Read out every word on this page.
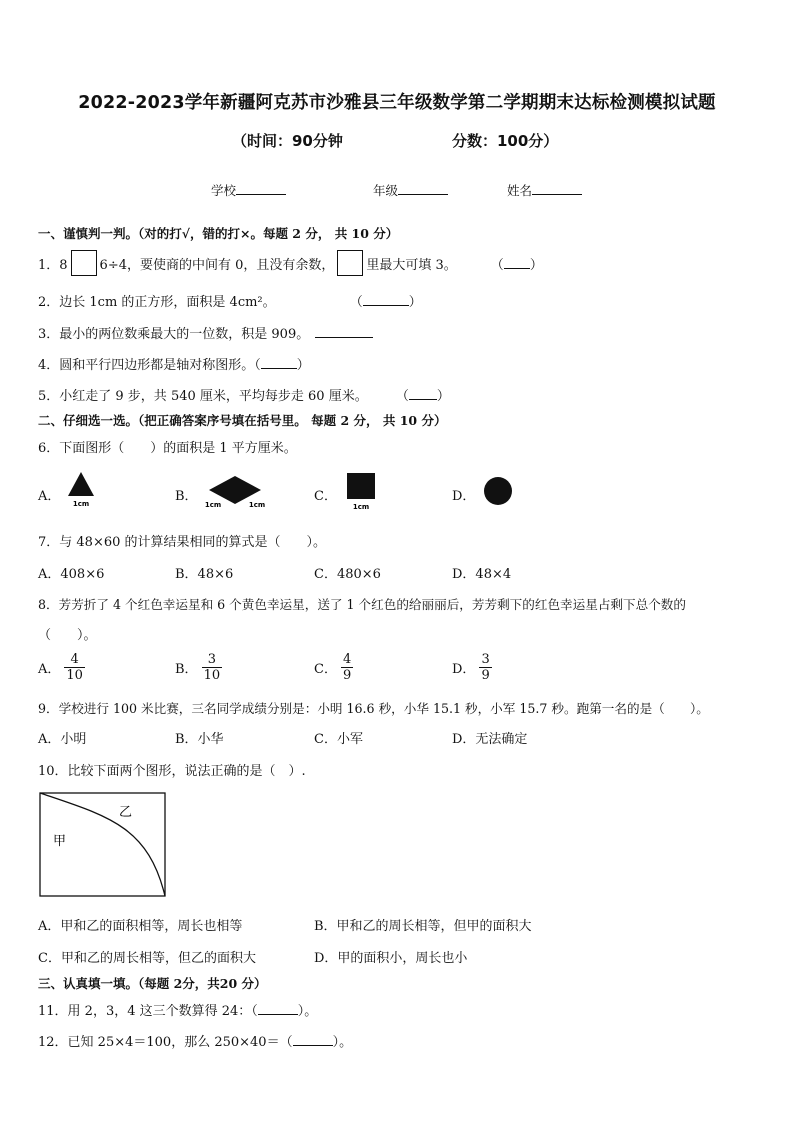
2022-2023学年新疆阿克苏市沙雅县三年级数学第二学期期末达标检测模拟试题
（时间：90分钟	分数：100分）
学校	年级	姓名
一、谨慎判一判。（对的打√，错的打×。每题 2 分， 共 10 分）
1．8 6÷4，要使商的中间有 0，且没有余数， 里最大可填 3。	（ ）
2．边长 1cm 的正方形，面积是 4cm²。	（	）
3．最小的两位数乘最大的一位数，积是 909。
4．圆和平行四边形都是轴对称图形。（	）
5．小红走了 9 步，共 540 厘米，平均每步走 60 厘米。 （ ）
二、仔细选一选。（把正确答案序号填在括号里。 每题 2 分， 共 10 分）
6．下面图形（　　）的面积是 1 平方厘米。
A． 1cm	B．
1cm	1cm
C．
1cm
D．
7．与 48×60 的计算结果相同的算式是（　　）。
A．408×6	B．48×6	C．480×6	D．48×4
8．芳芳折了 4 个红色幸运星和 6 个黄色幸运星，送了 1 个红色的给丽丽后，芳芳剩下的红色幸运星占剩下总个数的
（　　）。
A． $\frac{4}{10}$	B． $\frac{3}{10}$	C． $\frac{4}{9}$	D． $\frac{3}{9}$
9．学校进行 100 米比赛，三名同学成绩分别是：小明 16.6 秒，小华 15.1 秒，小军 15.7 秒。跑第一名的是（　　）。
A．小明	B．小华	C．小军	D．无法确定
10．比较下面两个图形，说法正确的是（　）.
乙
甲
A．甲和乙的面积相等，周长也相等	B．甲和乙的周长相等，但甲的面积大
C．甲和乙的周长相等，但乙的面积大	D．甲的面积小，周长也小
三、认真填一填。（每题 2分，共20 分）
11．用 2，3，4 这三个数算得 24：（	）。
12．已知 25×4＝100，那么 250×40＝（	）。
